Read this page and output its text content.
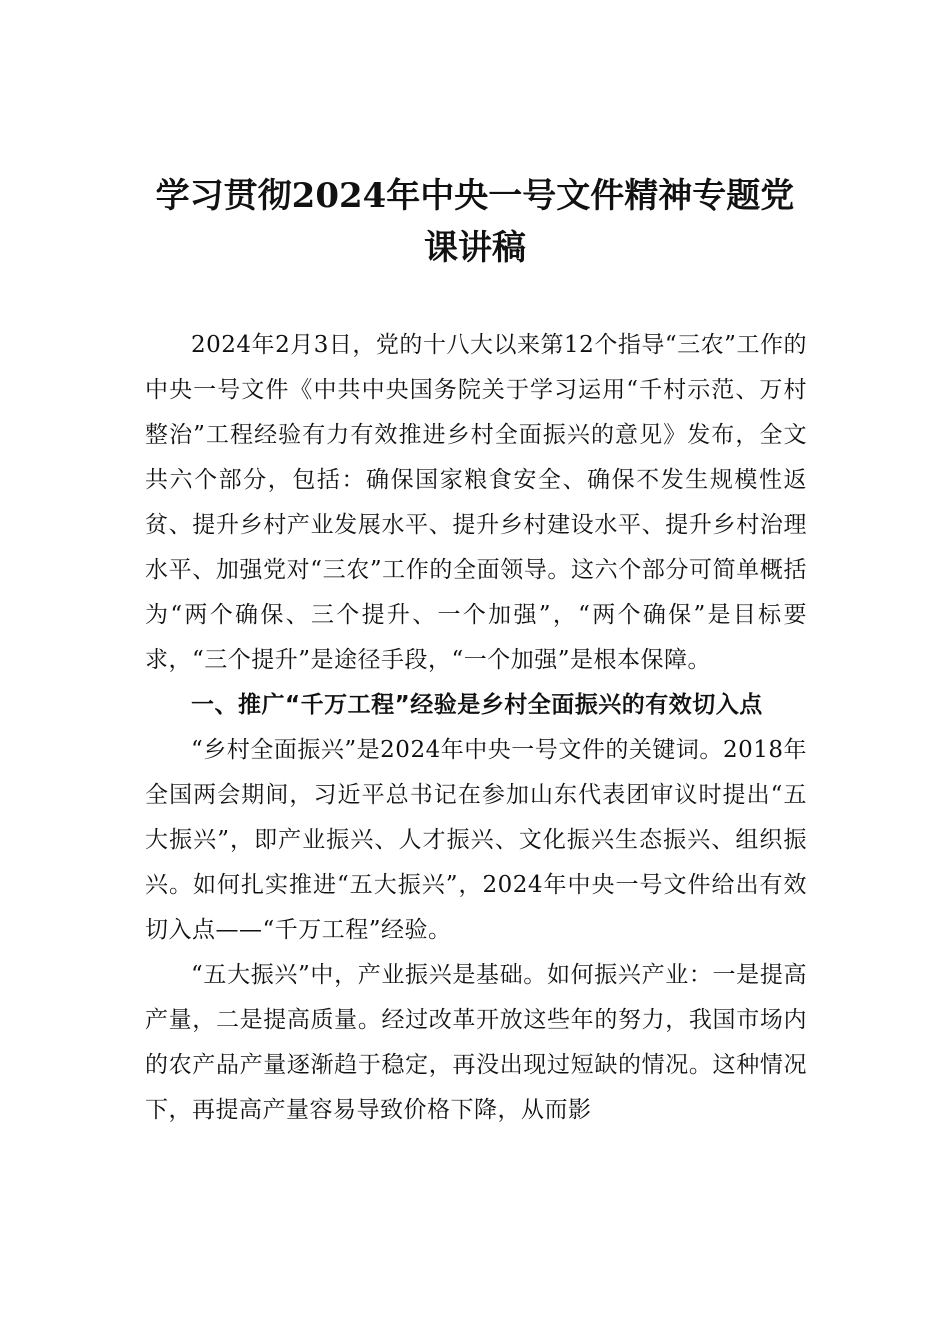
学习贯彻2024年中央一号文件精神专题党课讲稿

2024年2月3日，党的十八大以来第12个指导“三农”工作的中央一号文件《中共中央国务院关于学习运用“千村示范、万村整治”工程经验有力有效推进乡村全面振兴的意见》发布，全文共六个部分，包括：确保国家粮食安全、确保不发生规模性返贫、提升乡村产业发展水平、提升乡村建设水平、提升乡村治理水平、加强党对“三农”工作的全面领导。这六个部分可简单概括为“两个确保、三个提升、一个加强”，“两个确保”是目标要求，“三个提升”是途径手段，“一个加强”是根本保障。

一、推广“千万工程”经验是乡村全面振兴的有效切入点

“乡村全面振兴”是2024年中央一号文件的关键词。2018年全国两会期间，习近平总书记在参加山东代表团审议时提出“五大振兴”，即产业振兴、人才振兴、文化振兴生态振兴、组织振兴。如何扎实推进“五大振兴”，2024年中央一号文件给出有效切入点——“千万工程”经验。

“五大振兴”中，产业振兴是基础。如何振兴产业：一是提高产量，二是提高质量。经过改革开放这些年的努力，我国市场内的农产品产量逐渐趋于稳定，再没出现过短缺的情况。这种情况下，再提高产量容易导致价格下降，从而影
